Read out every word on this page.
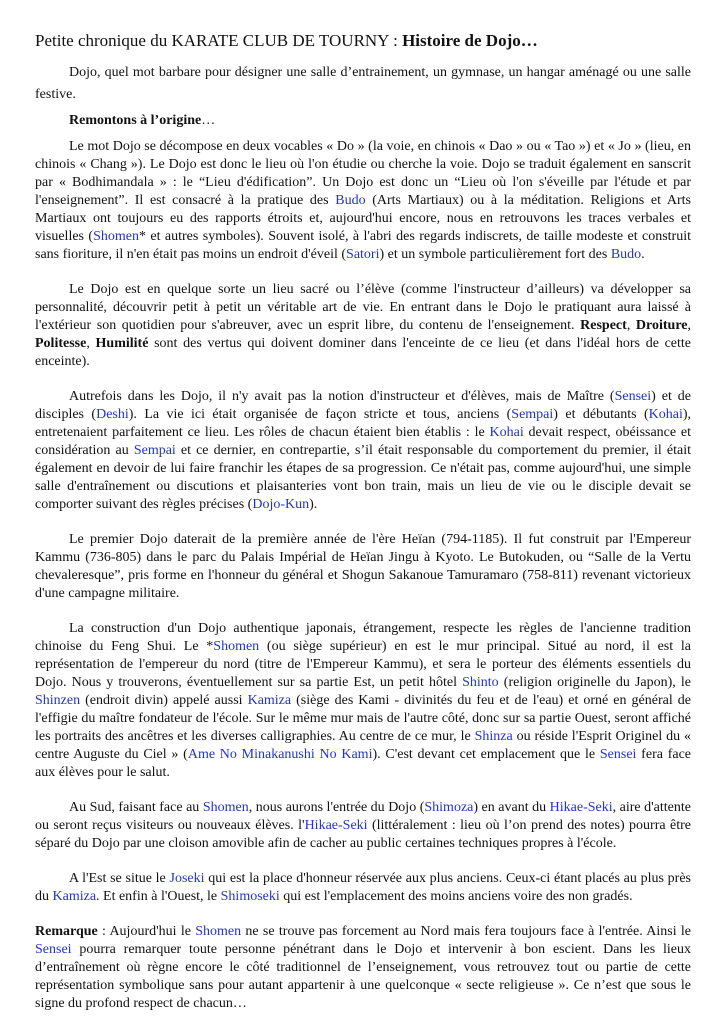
Petite chronique du KARATE CLUB DE TOURNY : Histoire de Dojo…

Dojo, quel mot barbare pour désigner une salle d’entrainement, un gymnase, un hangar aménagé ou une salle festive.

Remontons à l’origine…

Le mot Dojo se décompose en deux vocables « Do » (la voie, en chinois « Dao » ou « Tao ») et « Jo » (lieu, en chinois « Chang »). Le Dojo est donc le lieu où l'on étudie ou cherche la voie. Dojo se traduit également en sanscrit par « Bodhimandala » : le “Lieu d'édification”. Un Dojo est donc un “Lieu où l'on s'éveille par l'étude et par l'enseignement”. Il est consacré à la pratique des Budo (Arts Martiaux) ou à la méditation. Religions et Arts Martiaux ont toujours eu des rapports étroits et, aujourd'hui encore, nous en retrouvons les traces verbales et visuelles (Shomen* et autres symboles). Souvent isolé, à l'abri des regards indiscrets, de taille modeste et construit sans fioriture, il n'en était pas moins un endroit d'éveil (Satori) et un symbole particulièrement fort des Budo.

Le Dojo est en quelque sorte un lieu sacré ou l’élève (comme l'instructeur d’ailleurs) va développer sa personnalité, découvrir petit à petit un véritable art de vie. En entrant dans le Dojo le pratiquant aura laissé à l'extérieur son quotidien pour s'abreuver, avec un esprit libre, du contenu de l'enseignement. Respect, Droiture, Politesse, Humilité sont des vertus qui doivent dominer dans l'enceinte de ce lieu (et dans l'idéal hors de cette enceinte).

Autrefois dans les Dojo, il n'y avait pas la notion d'instructeur et d'élèves, mais de Maître (Sensei) et de disciples (Deshi). La vie ici était organisée de façon stricte et tous, anciens (Sempai) et débutants (Kohai), entretenaient parfaitement ce lieu. Les rôles de chacun étaient bien établis : le Kohai devait respect, obéissance et considération au Sempai et ce dernier, en contrepartie, s’il était responsable du comportement du premier, il était également en devoir de lui faire franchir les étapes de sa progression. Ce n'était pas, comme aujourd'hui, une simple salle d'entraînement ou discutions et plaisanteries vont bon train, mais un lieu de vie ou le disciple devait se comporter suivant des règles précises (Dojo-Kun).

Le premier Dojo daterait de la première année de l'ère Heïan (794-1185). Il fut construit par l'Empereur Kammu (736-805) dans le parc du Palais Impérial de Heïan Jingu à Kyoto. Le Butokuden, ou “Salle de la Vertu chevaleresque”, pris forme en l'honneur du général et Shogun Sakanoue Tamuramaro (758-811) revenant victorieux d'une campagne militaire.

La construction d'un Dojo authentique japonais, étrangement, respecte les règles de l'ancienne tradition chinoise du Feng Shui. Le *Shomen (ou siège supérieur) en est le mur principal. Situé au nord, il est la représentation de l'empereur du nord (titre de l'Empereur Kammu), et sera le porteur des éléments essentiels du Dojo. Nous y trouverons, éventuellement sur sa partie Est, un petit hôtel Shinto (religion originelle du Japon), le Shinzen (endroit divin) appelé aussi Kamiza (siège des Kami - divinités du feu et de l'eau) et orné en général de l'effigie du maître fondateur de l'école. Sur le même mur mais de l'autre côté, donc sur sa partie Ouest, seront affiché les portraits des ancêtres et les diverses calligraphies. Au centre de ce mur, le Shinza ou réside l'Esprit Originel du « centre Auguste du Ciel » (Ame No Minakanushi No Kami). C'est devant cet emplacement que le Sensei fera face aux élèves pour le salut.

Au Sud, faisant face au Shomen, nous aurons l'entrée du Dojo (Shimoza) en avant du Hikae-Seki, aire d'attente ou seront reçus visiteurs ou nouveaux élèves. l'Hikae-Seki (littéralement : lieu où l’on prend des notes) pourra être séparé du Dojo par une cloison amovible afin de cacher au public certaines techniques propres à l'école.

A l'Est se situe le Joseki qui est la place d'honneur réservée aux plus anciens. Ceux-ci étant placés au plus près du Kamiza. Et enfin à l'Ouest, le Shimoseki qui est l'emplacement des moins anciens voire des non gradés.

Remarque : Aujourd'hui le Shomen ne se trouve pas forcement au Nord mais fera toujours face à l'entrée. Ainsi le Sensei pourra remarquer toute personne pénétrant dans le Dojo et intervenir à bon escient. Dans les lieux d’entraînement où règne encore le côté traditionnel de l’enseignement, vous retrouvez tout ou partie de cette représentation symbolique sans pour autant appartenir à une quelconque « secte religieuse ». Ce n’est que sous le signe du profond respect de chacun…
